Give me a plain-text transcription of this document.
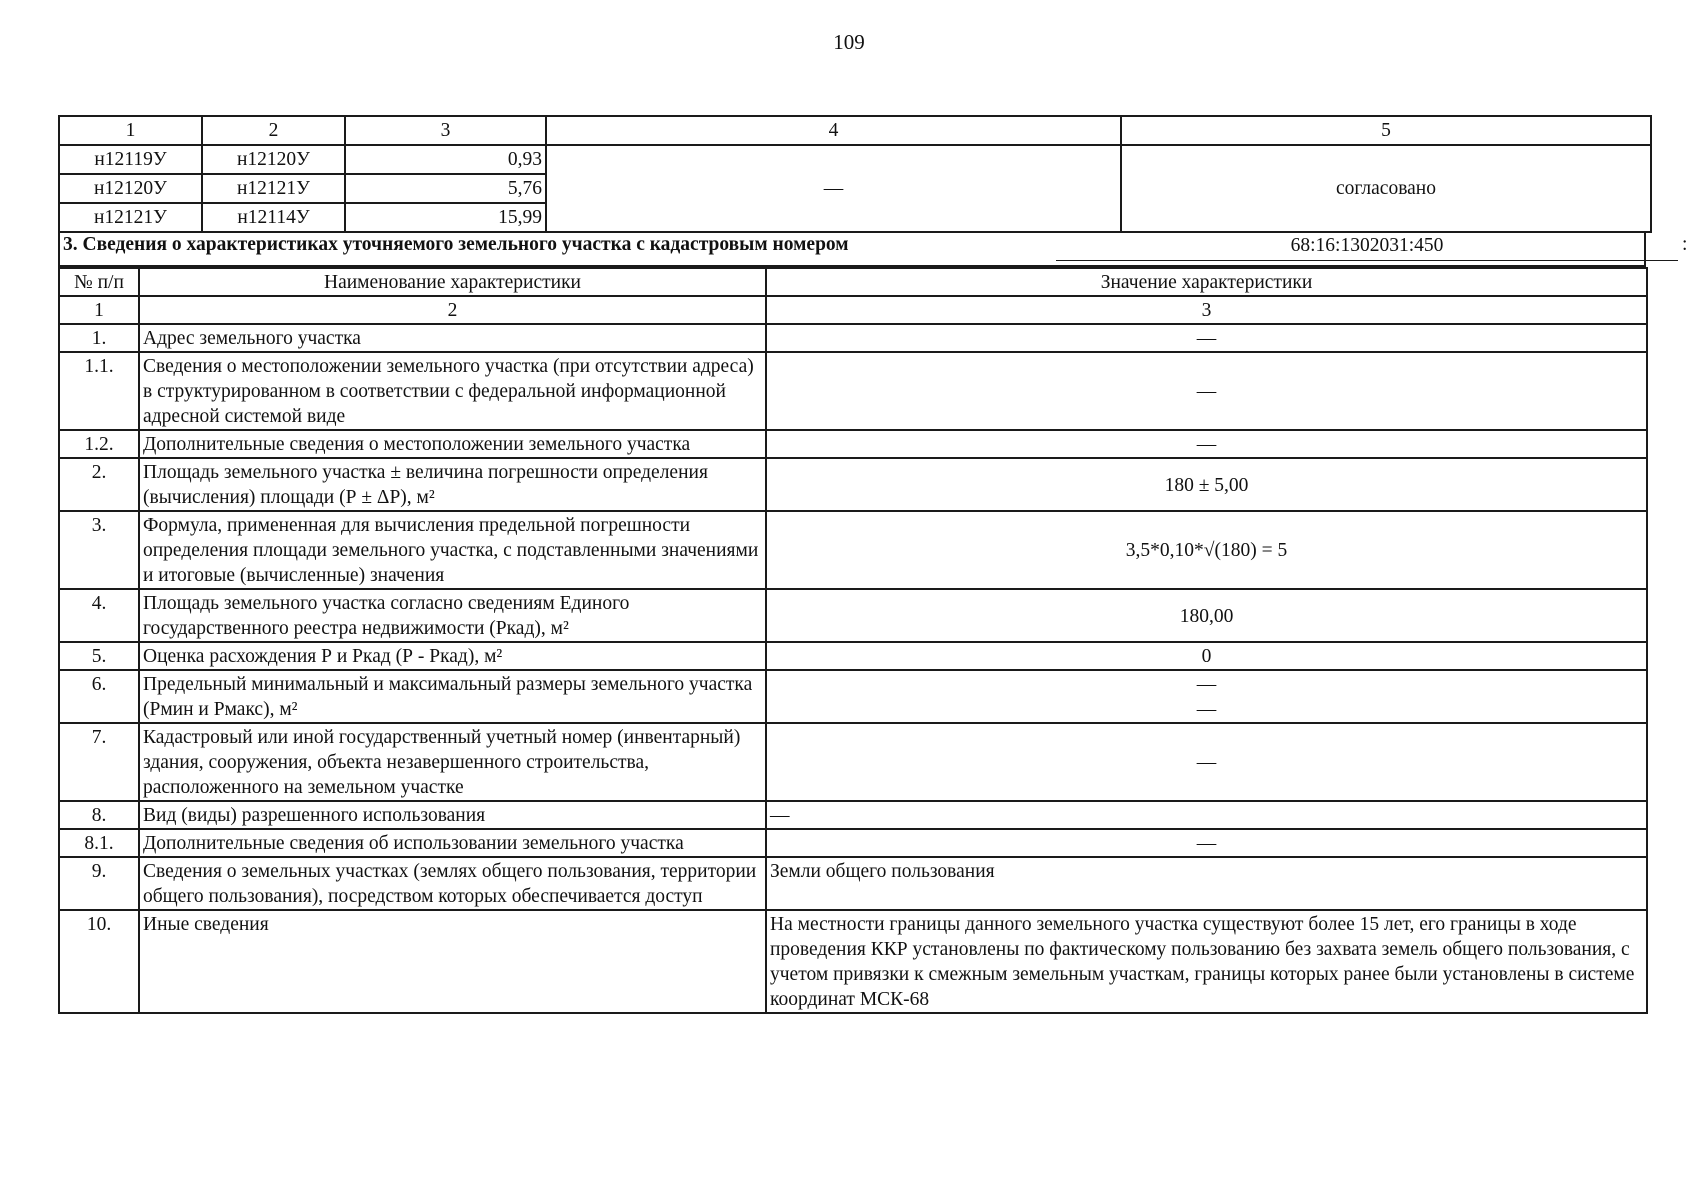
109
1	2	3	4	5
н12119У	н12120У	0,93	—	согласовано
н12120У	н12121У	5,76		
н12121У	н12114У	15,99		
3. Сведения о характеристиках уточняемого земельного участка с кадастровым номером	68:16:1302031:450	:
№ п/п	Наименование характеристики	Значение характеристики
1	2	3
1.	Адрес земельного участка	—
1.1.	Сведения о местоположении земельного участка (при отсутствии адреса) в структурированном в соответствии с федеральной информационной адресной системой виде	—
1.2.	Дополнительные сведения о местоположении земельного участка	—
2.	Площадь земельного участка ± величина погрешности определения (вычисления) площади (Р ± ΔР), м²	180 ± 5,00
3.	Формула, примененная для вычисления предельной погрешности определения площади земельного участка, с подставленными значениями и итоговые (вычисленные) значения	3,5*0,10*√(180) = 5
4.	Площадь земельного участка согласно сведениям Единого государственного реестра недвижимости (Ркад), м²	180,00
5.	Оценка расхождения Р и Ркад (Р - Ркад), м²	0
6.	Предельный минимальный и максимальный размеры земельного участка (Рмин и Рмакс), м²	—
—

7.	Кадастровый или иной государственный учетный номер (инвентарный) здания, сооружения, объекта незавершенного строительства, расположенного на земельном участке	—
8.	Вид (виды) разрешенного использования	—
8.1.	Дополнительные сведения об использовании земельного участка	—
9.	Сведения о земельных участках (землях общего пользования, территории общего пользования), посредством которых обеспечивается доступ	Земли общего пользования
10.	Иные сведения	На местности границы данного земельного участка существуют более 15 лет, его границы в ходе проведения ККР установлены по фактическому пользованию без захвата земель общего пользования, с учетом привязки к смежным земельным участкам, границы которых ранее были установлены в системе координат МСК-68
